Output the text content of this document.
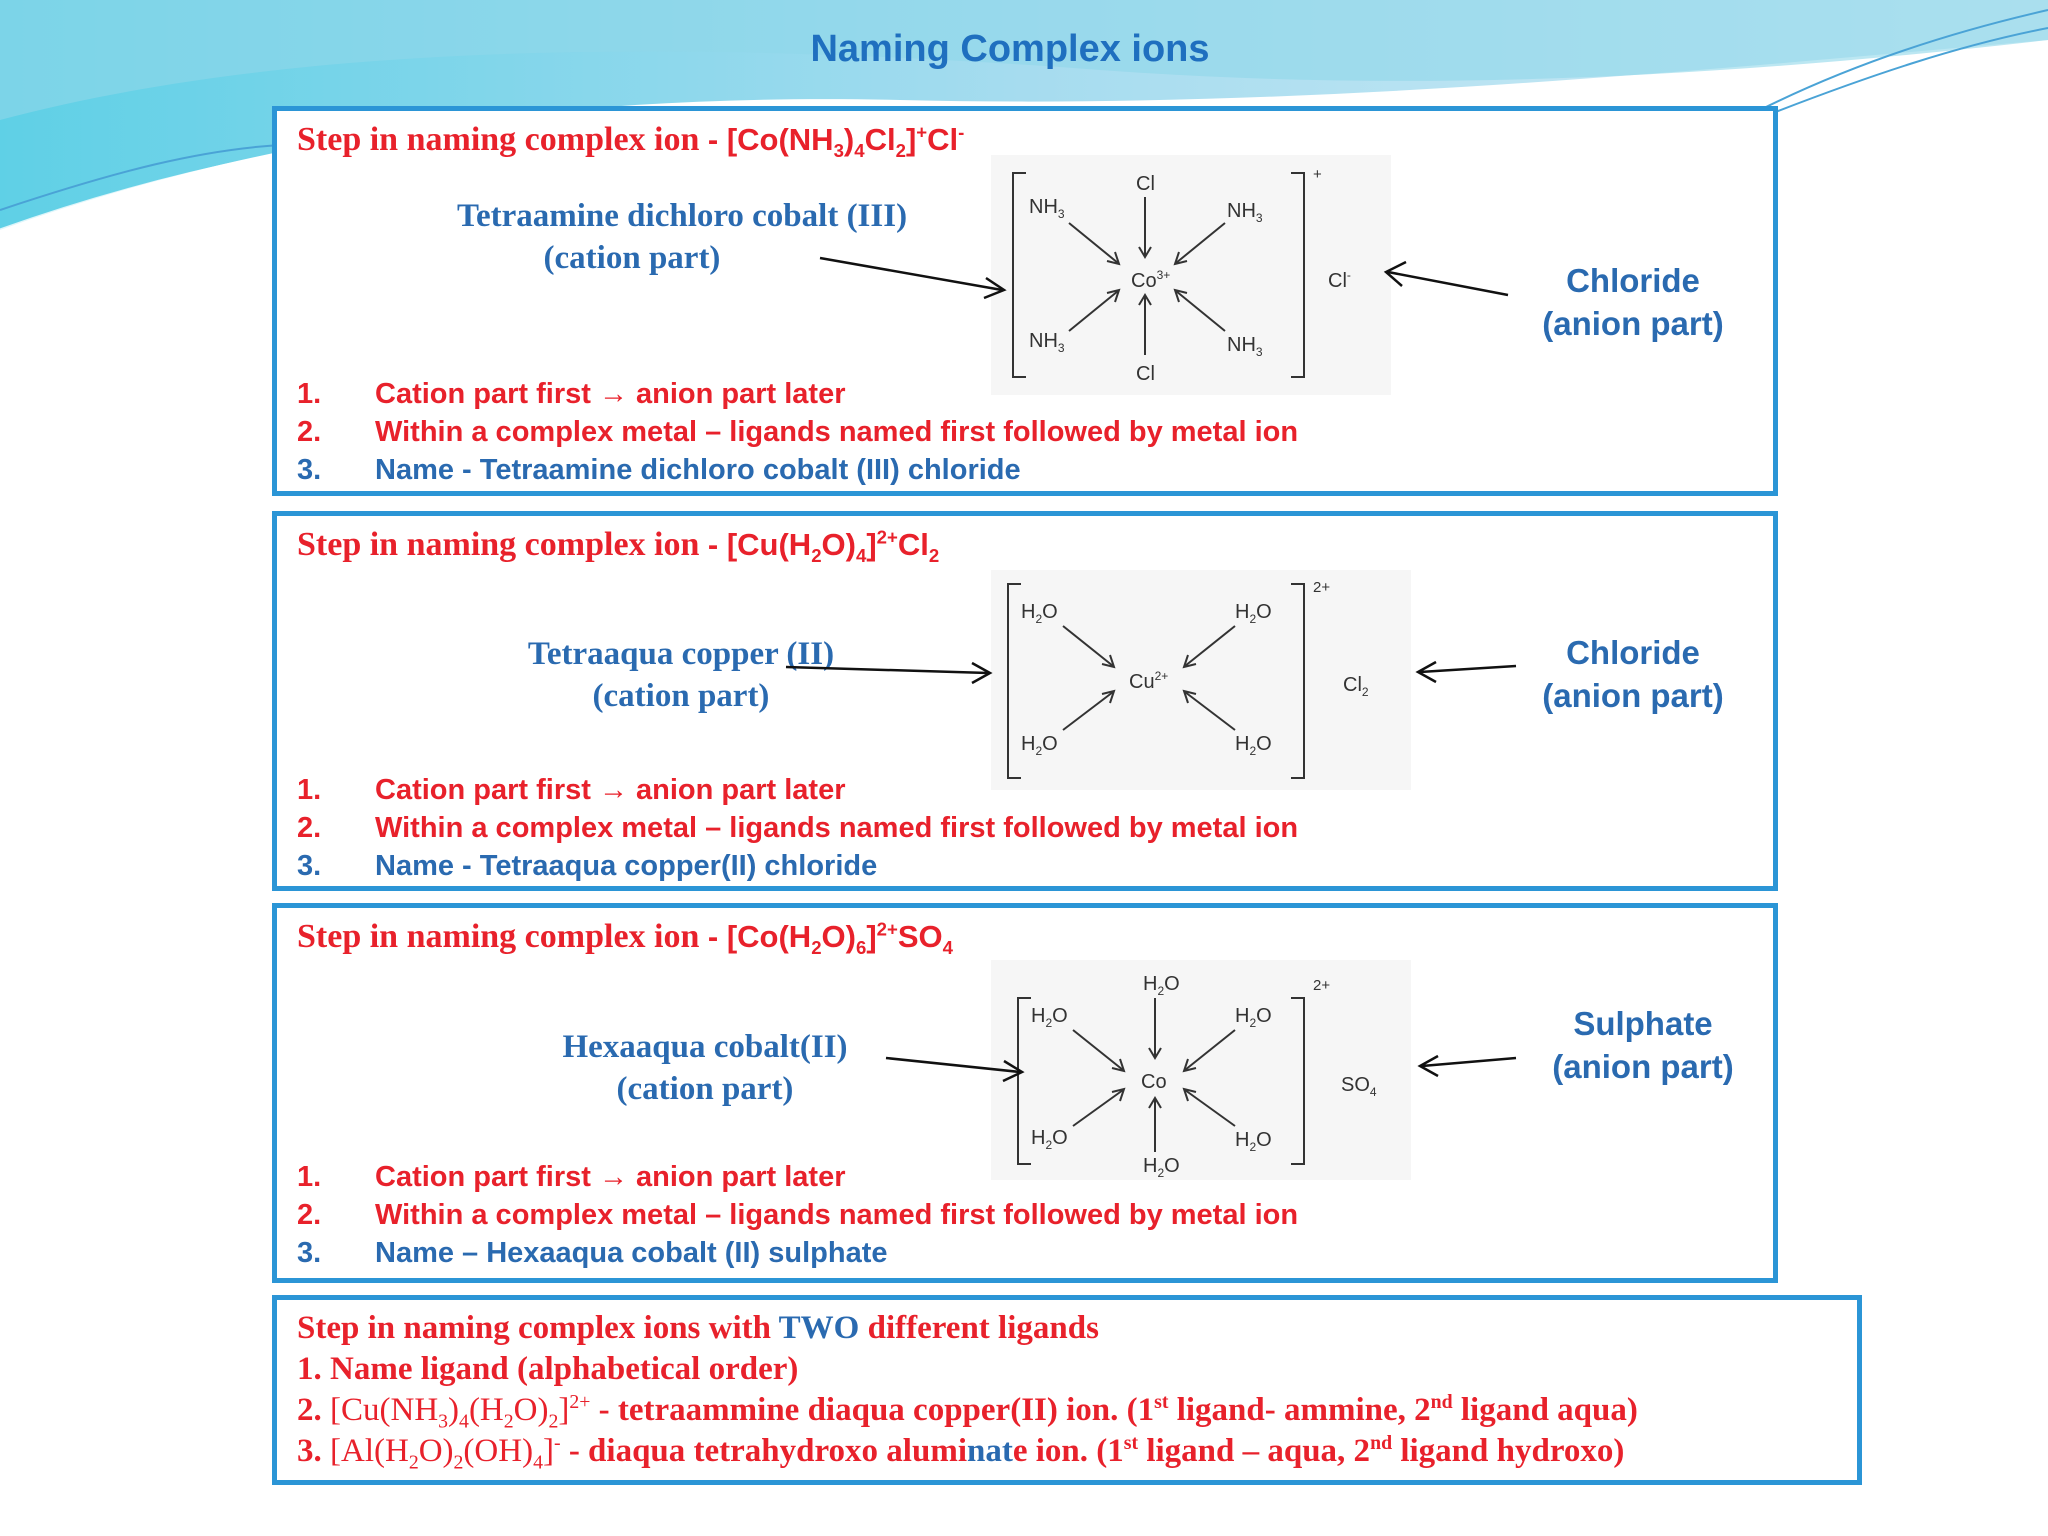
Naming Complex ions
Step in naming complex ion - $[Co(NH_3)_4Cl_2]^+Cl^-$
Tetraamine dichloro cobalt (III)
(cation part)
+
Cl
Cl
$NH_3$	$NH_3$
$NH_3$	$NH_3$
$Co^{3+}$	Cl-	Chloride
(anion part)
1. Cation part first → anion part later
2. Within a complex metal – ligands named first followed by metal ion
3. Name - Tetraamine dichloro cobalt (III) chloride
Step in naming complex ion - $[Cu(H_2O)_4]^{2+}Cl_2$
Tetraaqua copper (II)
(cation part)
2+
$H_2O$	$H_2O$
$H_2O$	$H_2O$
$Cu^{2+}$	$Cl_2$
Chloride
(anion part)
1. Cation part first → anion part later
2. Within a complex metal – ligands named first followed by metal ion
3. Name - Tetraaqua copper(II) chloride
Step in naming complex ion - $[Co(H_2O)_6]^{2+}SO_4$
Hexaaqua cobalt(II)
(cation part)
2+
$H_2O$
$H_2O$
$H_2O$	$H_2O$
$H_2O$	$H_2O$
Co	$SO_4$
Sulphate
(anion part)
1. Cation part first → anion part later
2. Within a complex metal – ligands named first followed by metal ion
3. Name – Hexaaqua cobalt (II) sulphate
Step in naming complex ions with TWO different ligands
1. Name ligand (alphabetical order)
2. $[Cu(NH_3)_4(H_2O)_2]^{2+}$ - tetraammine diaqua copper(II) ion. (1st ligand- ammine, 2nd ligand aqua)
3. $[Al(H_2O)_2(OH)_4]^-$ - diaqua tetrahydroxo aluminate ion. (1st ligand – aqua, 2nd ligand hydroxo)
